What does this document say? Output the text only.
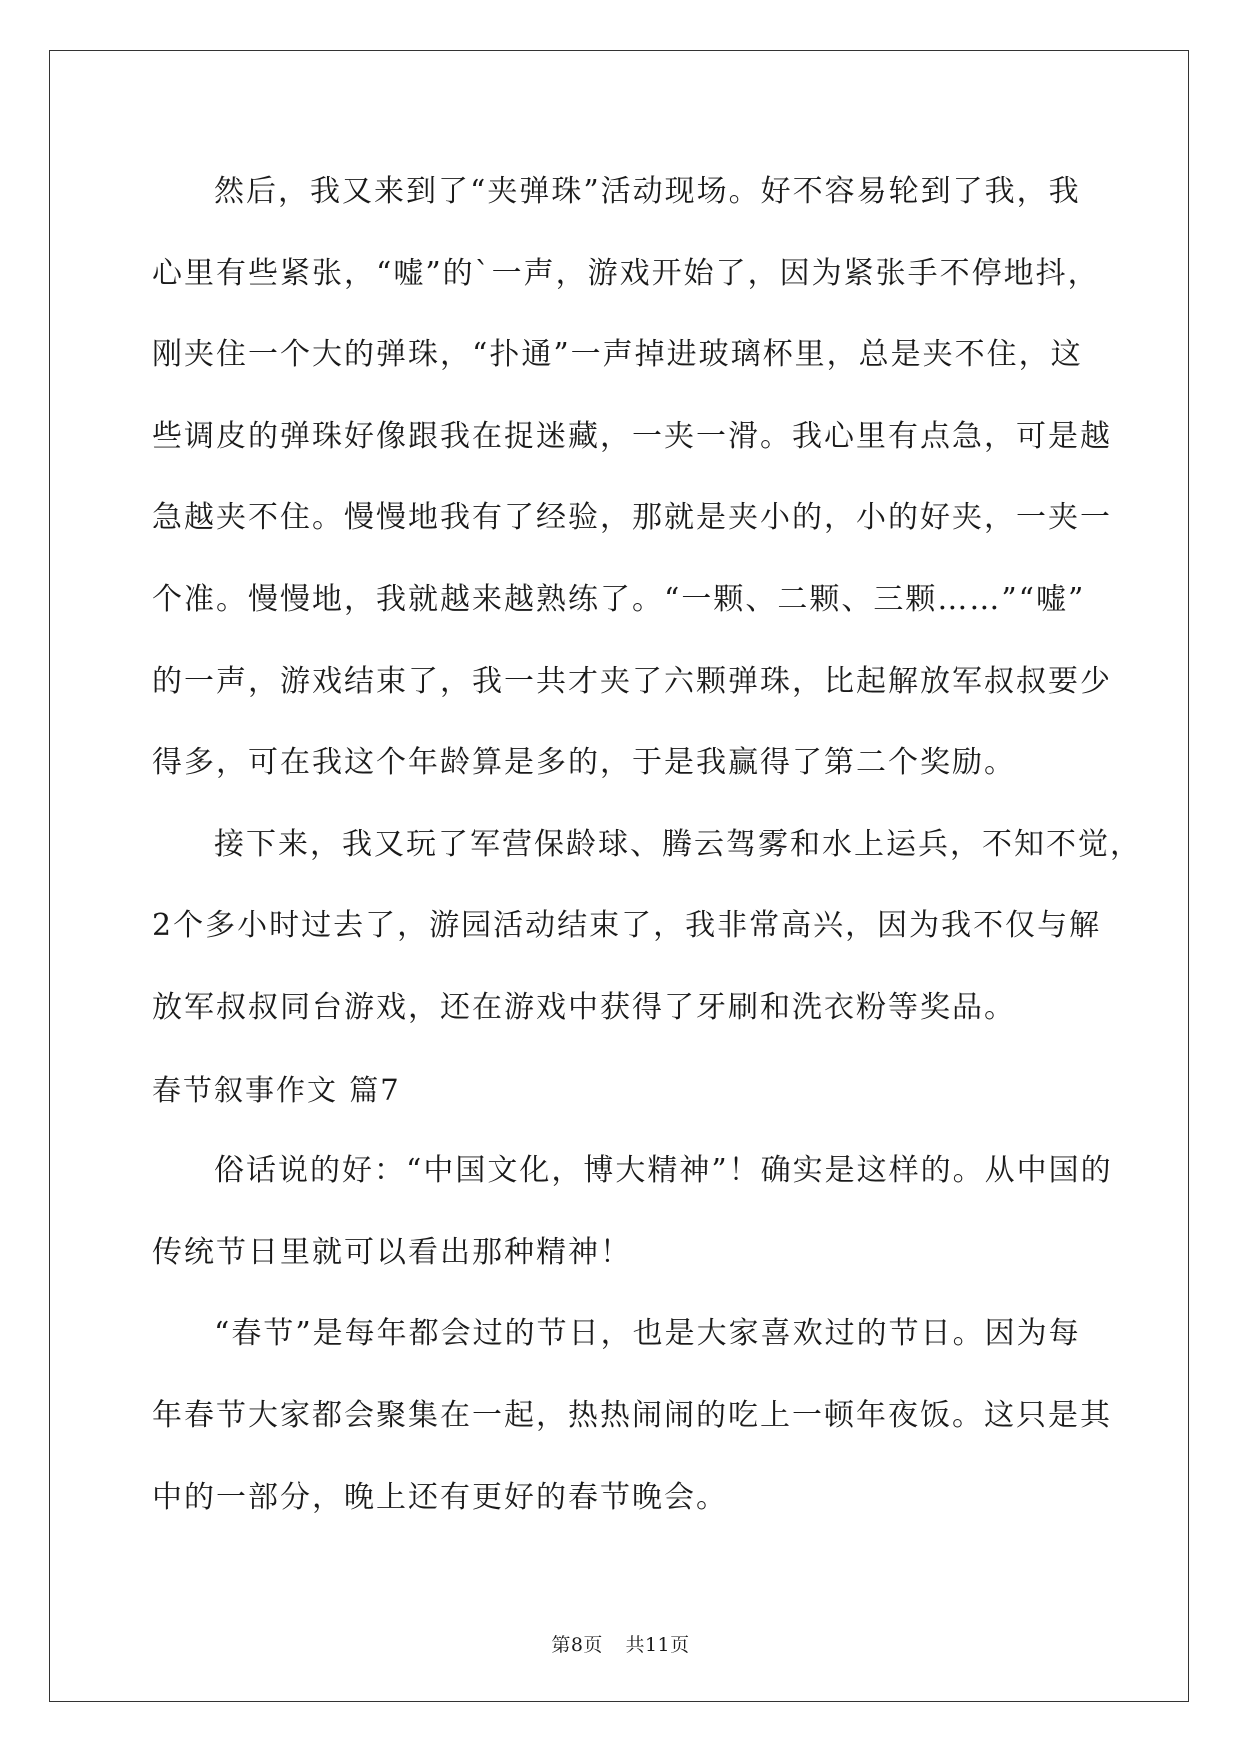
然后，我又来到了“夹弹珠”活动现场。好不容易轮到了我，我
心里有些紧张，“嘘”的`一声，游戏开始了，因为紧张手不停地抖，
刚夹住一个大的弹珠，“扑通”一声掉进玻璃杯里，总是夹不住，这
些调皮的弹珠好像跟我在捉迷藏，一夹一滑。我心里有点急，可是越
急越夹不住。慢慢地我有了经验，那就是夹小的，小的好夹，一夹一
个准。慢慢地，我就越来越熟练了。“一颗、二颗、三颗……”“嘘”
的一声，游戏结束了，我一共才夹了六颗弹珠，比起解放军叔叔要少
得多，可在我这个年龄算是多的，于是我赢得了第二个奖励。
接下来，我又玩了军营保龄球、腾云驾雾和水上运兵，不知不觉，
2个多小时过去了，游园活动结束了，我非常高兴，因为我不仅与解
放军叔叔同台游戏，还在游戏中获得了牙刷和洗衣粉等奖品。
春节叙事作文 篇7
俗话说的好：“中国文化，博大精神”！确实是这样的。从中国的
传统节日里就可以看出那种精神！
“春节”是每年都会过的节日，也是大家喜欢过的节日。因为每
年春节大家都会聚集在一起，热热闹闹的吃上一顿年夜饭。这只是其
中的一部分，晚上还有更好的春节晚会。
第8页 共11页
